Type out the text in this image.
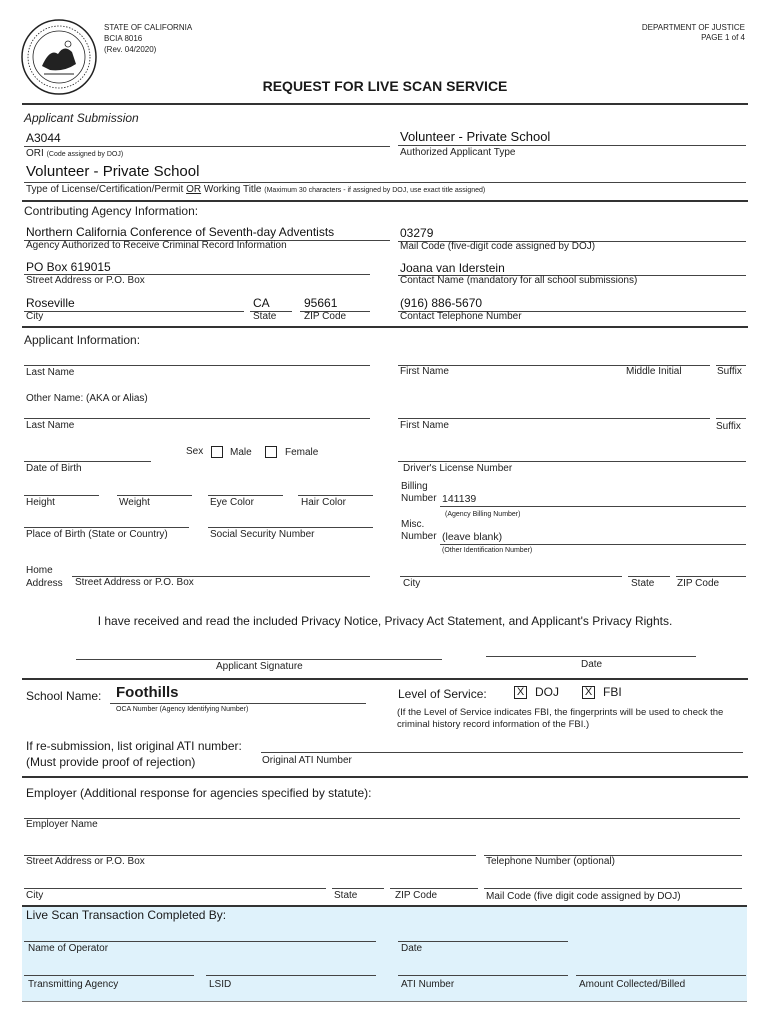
STATE OF CALIFORNIA
BCIA 8016
(Rev. 04/2020)
DEPARTMENT OF JUSTICE
PAGE 1 of 4
REQUEST FOR LIVE SCAN SERVICE
Applicant Submission
A3044
ORI (Code assigned by DOJ)
Volunteer - Private School
Authorized Applicant Type
Volunteer - Private School
Type of License/Certification/Permit OR Working Title (Maximum 30 characters - if assigned by DOJ, use exact title assigned)
Contributing Agency Information:
Northern California Conference of Seventh-day Adventists
Agency Authorized to Receive Criminal Record Information
03279
Mail Code (five-digit code assigned by DOJ)
PO Box 619015
Street Address or P.O. Box
Joana van Iderstein
Contact Name (mandatory for all school submissions)
Roseville
City
CA
State
95661
ZIP Code
(916) 886-5670
Contact Telephone Number
Applicant Information:
Last Name	First Name	Middle Initial	Suffix
Other Name: (AKA or Alias)
Last Name	First Name	Suffix
Sex	Male	Female
Date of Birth	Driver's License Number
Height	Weight	Eye Color	Hair Color
Billing
Number 141139
(Agency Billing Number)
Place of Birth (State or Country)	Social Security Number
Misc.
Number (leave blank)
(Other Identification Number)
Home
Address Street Address or P.O. Box	City	State ZIP Code
I have received and read the included Privacy Notice, Privacy Act Statement, and Applicant's Privacy Rights.
Applicant Signature	Date
School Name: Foothills
OCA Number (Agency Identifying Number)
Level of Service:	X DOJ X FBI
(If the Level of Service indicates FBI, the fingerprints will be used to check the
criminal history record information of the FBI.)
If re-submission, list original ATI number:
(Must provide proof of rejection)	Original ATI Number
Employer (Additional response for agencies specified by statute):
Employer Name
Street Address or P.O. Box	Telephone Number (optional)
City	State	ZIP Code	Mail Code (five digit code assigned by DOJ)
Live Scan Transaction Completed By:
Name of Operator	Date
Transmitting Agency	LSID	ATI Number	Amount Collected/Billed
